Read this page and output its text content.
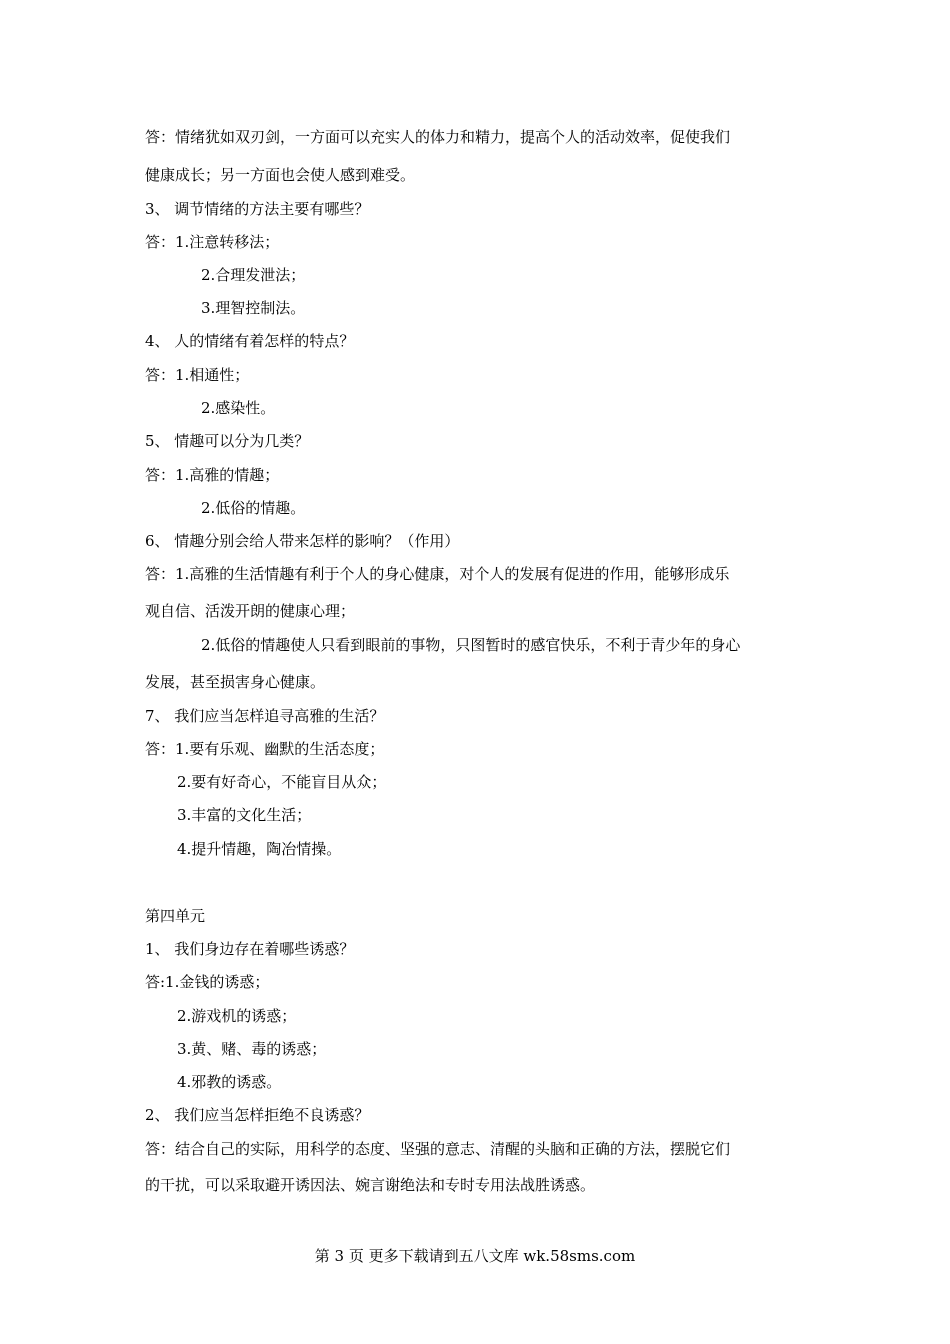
答：情绪犹如双刃剑，一方面可以充实人的体力和精力，提高个人的活动效率，促使我们
健康成长；另一方面也会使人感到难受。
3、 调节情绪的方法主要有哪些？
答：1.注意转移法；
2.合理发泄法；
3.理智控制法。
4、 人的情绪有着怎样的特点？
答：1.相通性；
2.感染性。
5、 情趣可以分为几类？
答：1.高雅的情趣；
2.低俗的情趣。
6、 情趣分别会给人带来怎样的影响？（作用）
答：1.高雅的生活情趣有利于个人的身心健康，对个人的发展有促进的作用，能够形成乐
观自信、活泼开朗的健康心理；
2.低俗的情趣使人只看到眼前的事物，只图暂时的感官快乐，不利于青少年的身心
发展，甚至损害身心健康。
7、 我们应当怎样追寻高雅的生活？
答：1.要有乐观、幽默的生活态度；
2.要有好奇心，不能盲目从众；
3.丰富的文化生活；
4.提升情趣，陶冶情操。
第四单元
1、 我们身边存在着哪些诱惑？
答:1.金钱的诱惑；
2.游戏机的诱惑；
3.黄、赌、毒的诱惑；
4.邪教的诱惑。
2、 我们应当怎样拒绝不良诱惑？
答：结合自己的实际，用科学的态度、坚强的意志、清醒的头脑和正确的方法，摆脱它们
的干扰，可以采取避开诱因法、婉言谢绝法和专时专用法战胜诱惑。
第 3 页 更多下载请到五八文库 wk.58sms.com
